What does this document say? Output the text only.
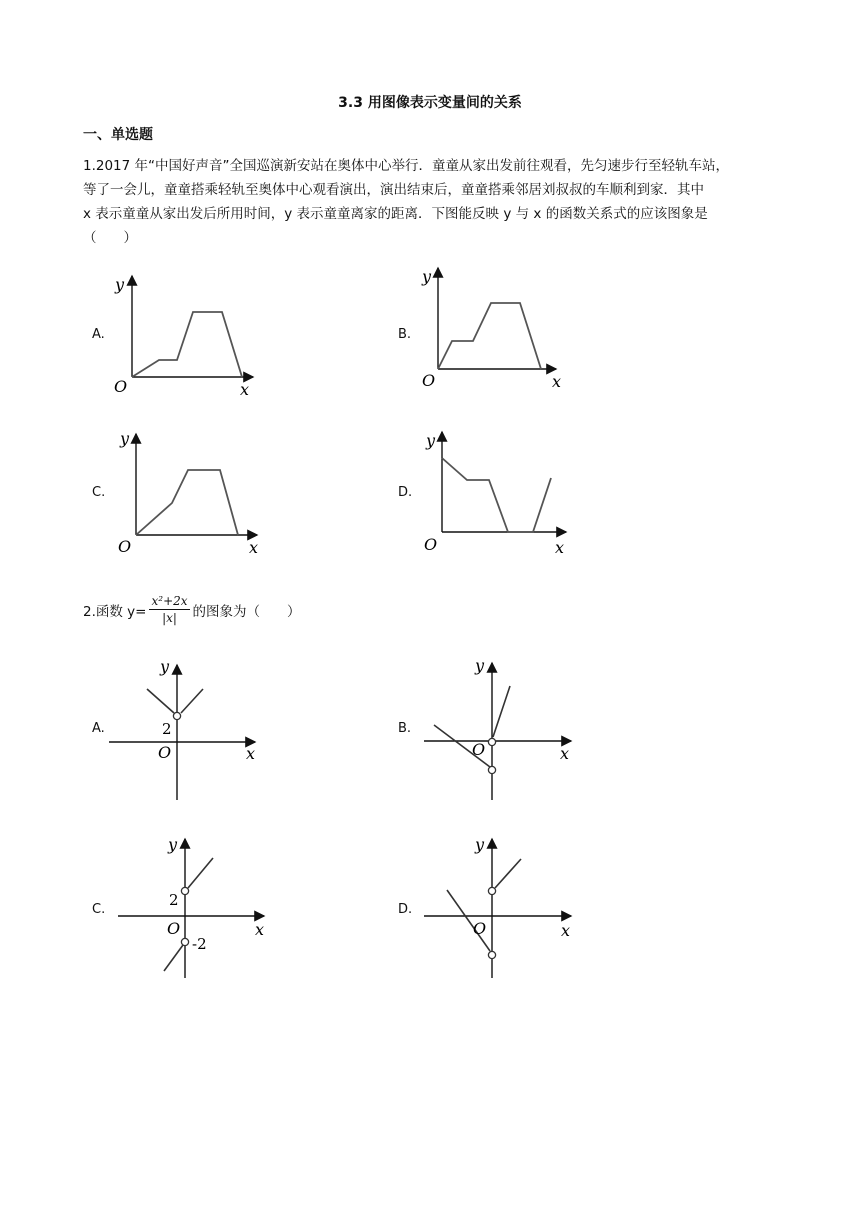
3.3 用图像表示变量间的关系
一、单选题
1.2017 年“中国好声音”全国巡演新安站在奥体中心举行．童童从家出发前往观看，先匀速步行至轻轨车站，
等了一会儿，童童搭乘轻轨至奥体中心观看演出，演出结束后，童童搭乘邻居刘叔叔的车顺利到家．其中
x 表示童童从家出发后所用时间，y 表示童童离家的距离．下图能反映 y 与 x 的函数关系式的应该图象是
（　　）
A.	B.
C.	D.
y
O	x
y
O	x
y
O	x
y
O	x
2.函数 $y= \frac{\text{x²+2x}}{|x|}$ 的图象为（　　）
A.	B.
C.	D.
y
2
O	x
y
O	x
y
2
O
-2
x
y
O	x
